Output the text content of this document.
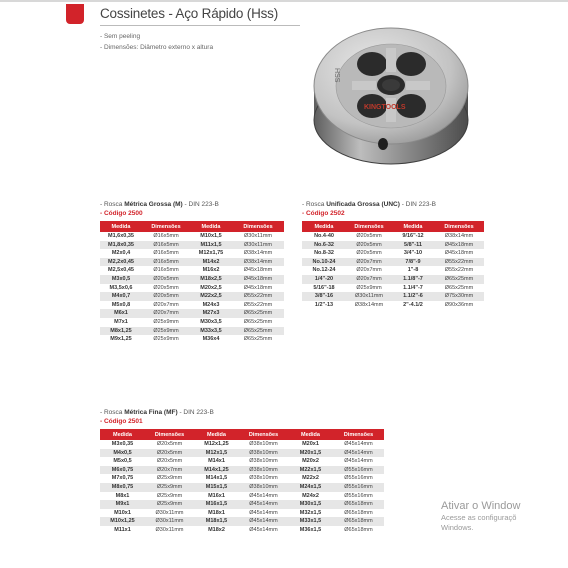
Cossinetes - Aço Rápido (Hss)
- Sem peeling
- Dimensões: Diâmetro externo x altura
HSS
KINGTOOLS
- Rosca Métrica Grossa (M) - DIN 223-B
- Código 2500
Medida	Dimensões	Medida	Dimensões
M1,6x0,35	Ø16x5mm	M10x1,5	Ø30x11mm
M1,8x0,35	Ø16x5mm	M11x1,5	Ø30x11mm
M2x0,4	Ø16x5mm	M12x1,75	Ø38x14mm
M2,2x0,45	Ø16x5mm	M14x2	Ø38x14mm
M2,5x0,45	Ø16x5mm	M16x2	Ø45x18mm
M3x0,5	Ø20x5mm	M18x2,5	Ø45x18mm
M3,5x0,6	Ø20x5mm	M20x2,5	Ø45x18mm
M4x0,7	Ø20x5mm	M22x2,5	Ø55x22mm
M5x0,8	Ø20x7mm	M24x3	Ø55x22mm
M6x1	Ø20x7mm	M27x3	Ø65x25mm
M7x1	Ø25x9mm	M30x3,5	Ø65x25mm
M8x1,25	Ø25x9mm	M33x3,5	Ø65x25mm
M9x1,25	Ø25x9mm	M36x4	Ø65x25mm
- Rosca Unificada Grossa (UNC) - DIN 223-B
- Código 2502
Medida	Dimensões	Medida	Dimensões
No.4-40	Ø20x5mm	9/16"-12	Ø38x14mm
No.6-32	Ø20x5mm	5/8"-11	Ø45x18mm
No.8-32	Ø20x5mm	3/4"-10	Ø45x18mm
No.10-24	Ø20x7mm	7/8"-9	Ø55x22mm
No.12-24	Ø20x7mm	1"-8	Ø55x22mm
1/4"-20	Ø20x7mm	1.1/8"-7	Ø65x25mm
5/16"-18	Ø25x9mm	1.1/4"-7	Ø65x25mm
3/8"-16	Ø30x11mm	1.1/2"-6	Ø75x30mm
1/2"-13	Ø38x14mm	2"-4.1/2	Ø90x36mm
- Rosca Métrica Fina (MF) - DIN 223-B
- Código 2501
Medida	Dimensões	Medida	Dimensões	Medida	Dimensões
M3x0,35	Ø20x5mm	M12x1,25	Ø38x10mm	M20x1	Ø45x14mm
M4x0,5	Ø20x5mm	M12x1,5	Ø38x10mm	M20x1,5	Ø45x14mm
M5x0,5	Ø20x5mm	M14x1	Ø38x10mm	M20x2	Ø45x14mm
M6x0,75	Ø20x7mm	M14x1,25	Ø38x10mm	M22x1,5	Ø55x16mm
M7x0,75	Ø25x9mm	M14x1,5	Ø38x10mm	M22x2	Ø55x16mm
M8x0,75	Ø25x9mm	M15x1,5	Ø38x10mm	M24x1,5	Ø55x16mm
M8x1	Ø25x9mm	M16x1	Ø45x14mm	M24x2	Ø55x16mm
M9x1	Ø25x9mm	M16x1,5	Ø45x14mm	M30x1,5	Ø65x18mm
M10x1	Ø30x11mm	M18x1	Ø45x14mm	M32x1,5	Ø65x18mm
M10x1,25	Ø30x11mm	M18x1,5	Ø45x14mm	M33x1,5	Ø65x18mm
M11x1	Ø30x11mm	M18x2	Ø45x14mm	M36x1,5	Ø65x18mm
Ativar o Window
Acesse as configuraçõ
Windows.
